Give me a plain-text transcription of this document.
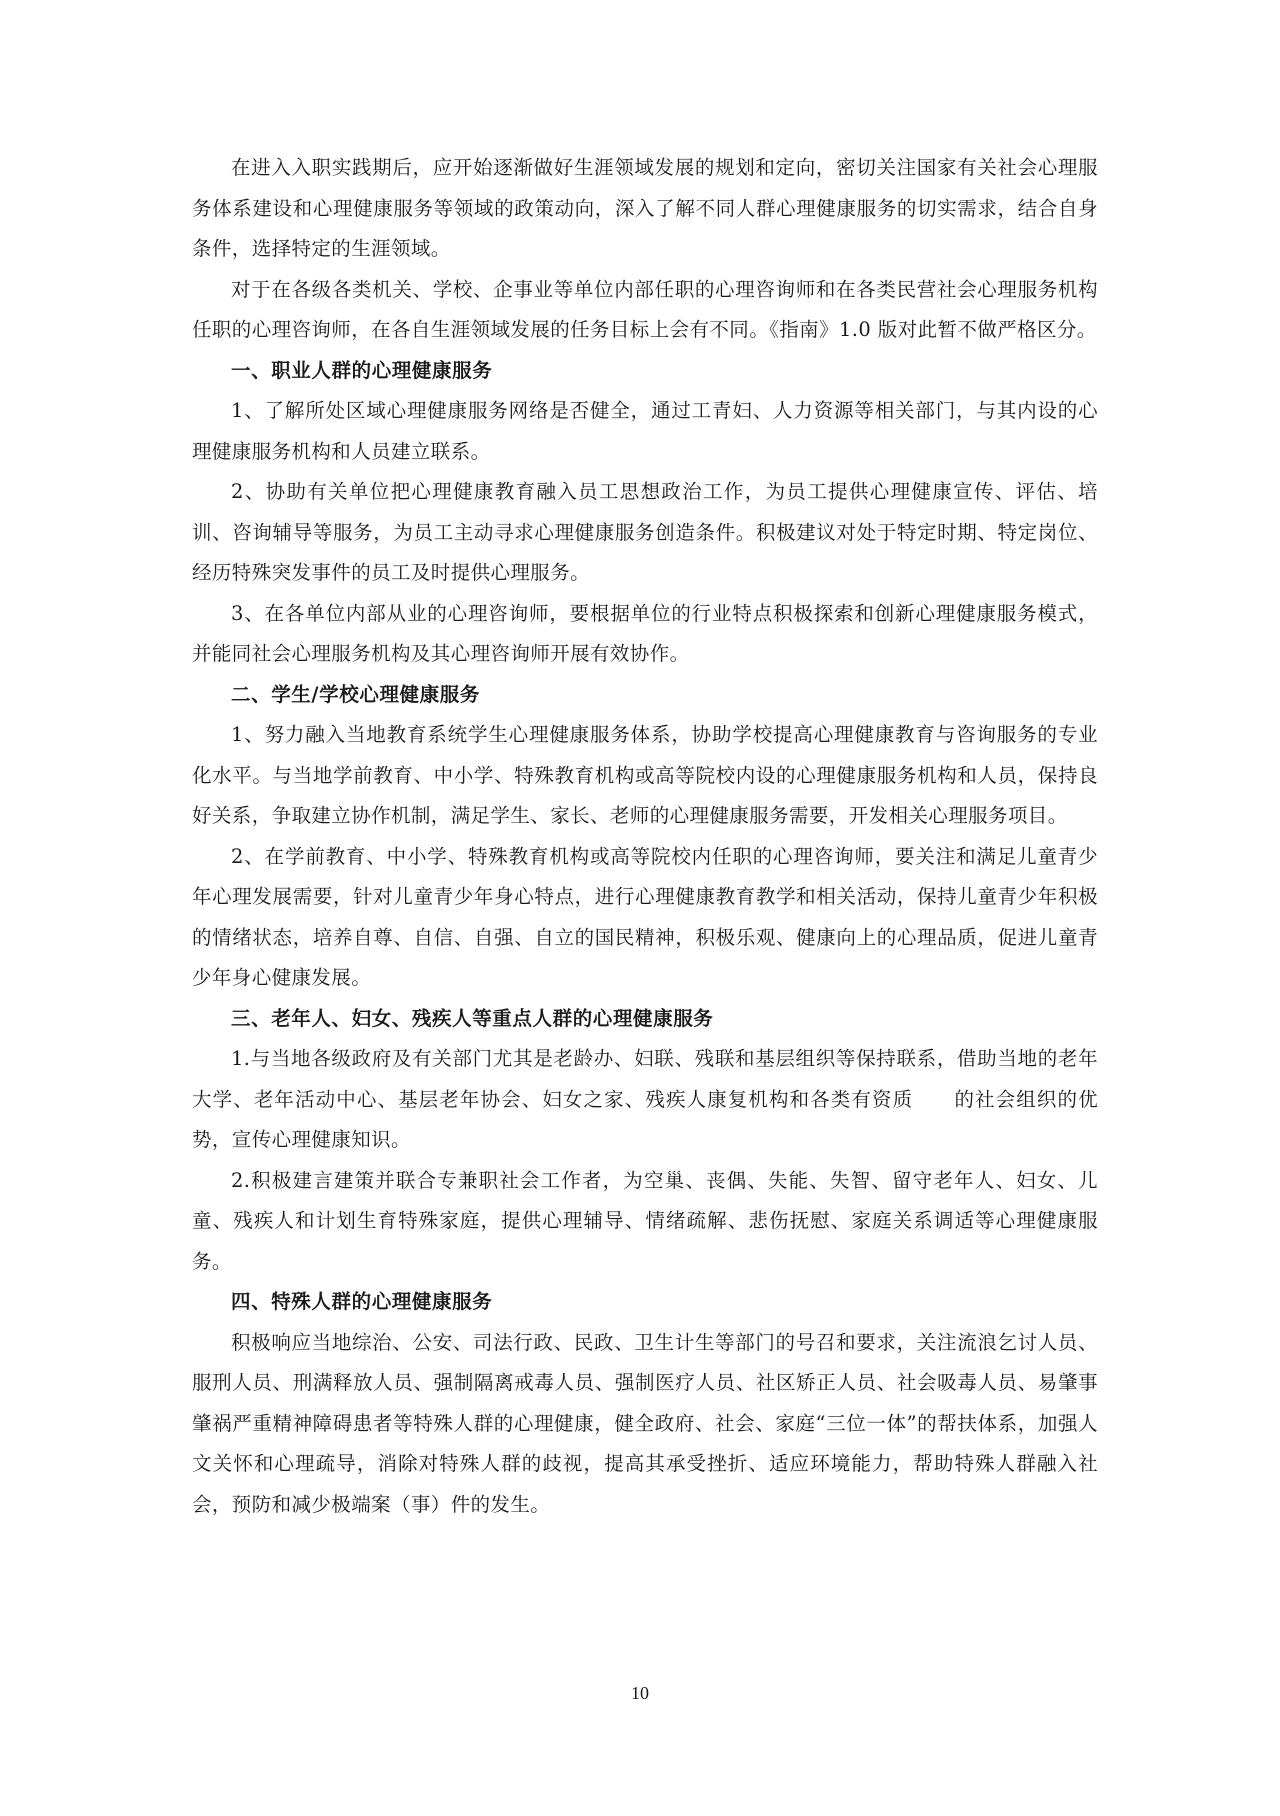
在进入入职实践期后，应开始逐渐做好生涯领域发展的规划和定向，密切关注国家有关社会心理服务体系建设和心理健康服务等领域的政策动向，深入了解不同人群心理健康服务的切实需求，结合自身条件，选择特定的生涯领域。

对于在各级各类机关、学校、企事业等单位内部任职的心理咨询师和在各类民营社会心理服务机构任职的心理咨询师，在各自生涯领域发展的任务目标上会有不同。《指南》1.0 版对此暂不做严格区分。

一、职业人群的心理健康服务

1、了解所处区域心理健康服务网络是否健全，通过工青妇、人力资源等相关部门，与其内设的心理健康服务机构和人员建立联系。

2、协助有关单位把心理健康教育融入员工思想政治工作，为员工提供心理健康宣传、评估、培训、咨询辅导等服务，为员工主动寻求心理健康服务创造条件。积极建议对处于特定时期、特定岗位、经历特殊突发事件的员工及时提供心理服务。

3、在各单位内部从业的心理咨询师，要根据单位的行业特点积极探索和创新心理健康服务模式，并能同社会心理服务机构及其心理咨询师开展有效协作。

二、学生/学校心理健康服务

1、努力融入当地教育系统学生心理健康服务体系，协助学校提高心理健康教育与咨询服务的专业化水平。与当地学前教育、中小学、特殊教育机构或高等院校内设的心理健康服务机构和人员，保持良好关系，争取建立协作机制，满足学生、家长、老师的心理健康服务需要，开发相关心理服务项目。

2、在学前教育、中小学、特殊教育机构或高等院校内任职的心理咨询师，要关注和满足儿童青少年心理发展需要，针对儿童青少年身心特点，进行心理健康教育教学和相关活动，保持儿童青少年积极的情绪状态，培养自尊、自信、自强、自立的国民精神，积极乐观、健康向上的心理品质，促进儿童青少年身心健康发展。

三、老年人、妇女、残疾人等重点人群的心理健康服务

1.与当地各级政府及有关部门尤其是老龄办、妇联、残联和基层组织等保持联系，借助当地的老年大学、老年活动中心、基层老年协会、妇女之家、残疾人康复机构和各类有资质　　的社会组织的优势，宣传心理健康知识。

2.积极建言建策并联合专兼职社会工作者，为空巢、丧偶、失能、失智、留守老年人、妇女、儿童、残疾人和计划生育特殊家庭，提供心理辅导、情绪疏解、悲伤抚慰、家庭关系调适等心理健康服务。

四、特殊人群的心理健康服务

积极响应当地综治、公安、司法行政、民政、卫生计生等部门的号召和要求，关注流浪乞讨人员、服刑人员、刑满释放人员、强制隔离戒毒人员、强制医疗人员、社区矫正人员、社会吸毒人员、易肇事肇祸严重精神障碍患者等特殊人群的心理健康，健全政府、社会、家庭“三位一体”的帮扶体系，加强人文关怀和心理疏导，消除对特殊人群的歧视，提高其承受挫折、适应环境能力，帮助特殊人群融入社会，预防和减少极端案（事）件的发生。

10
